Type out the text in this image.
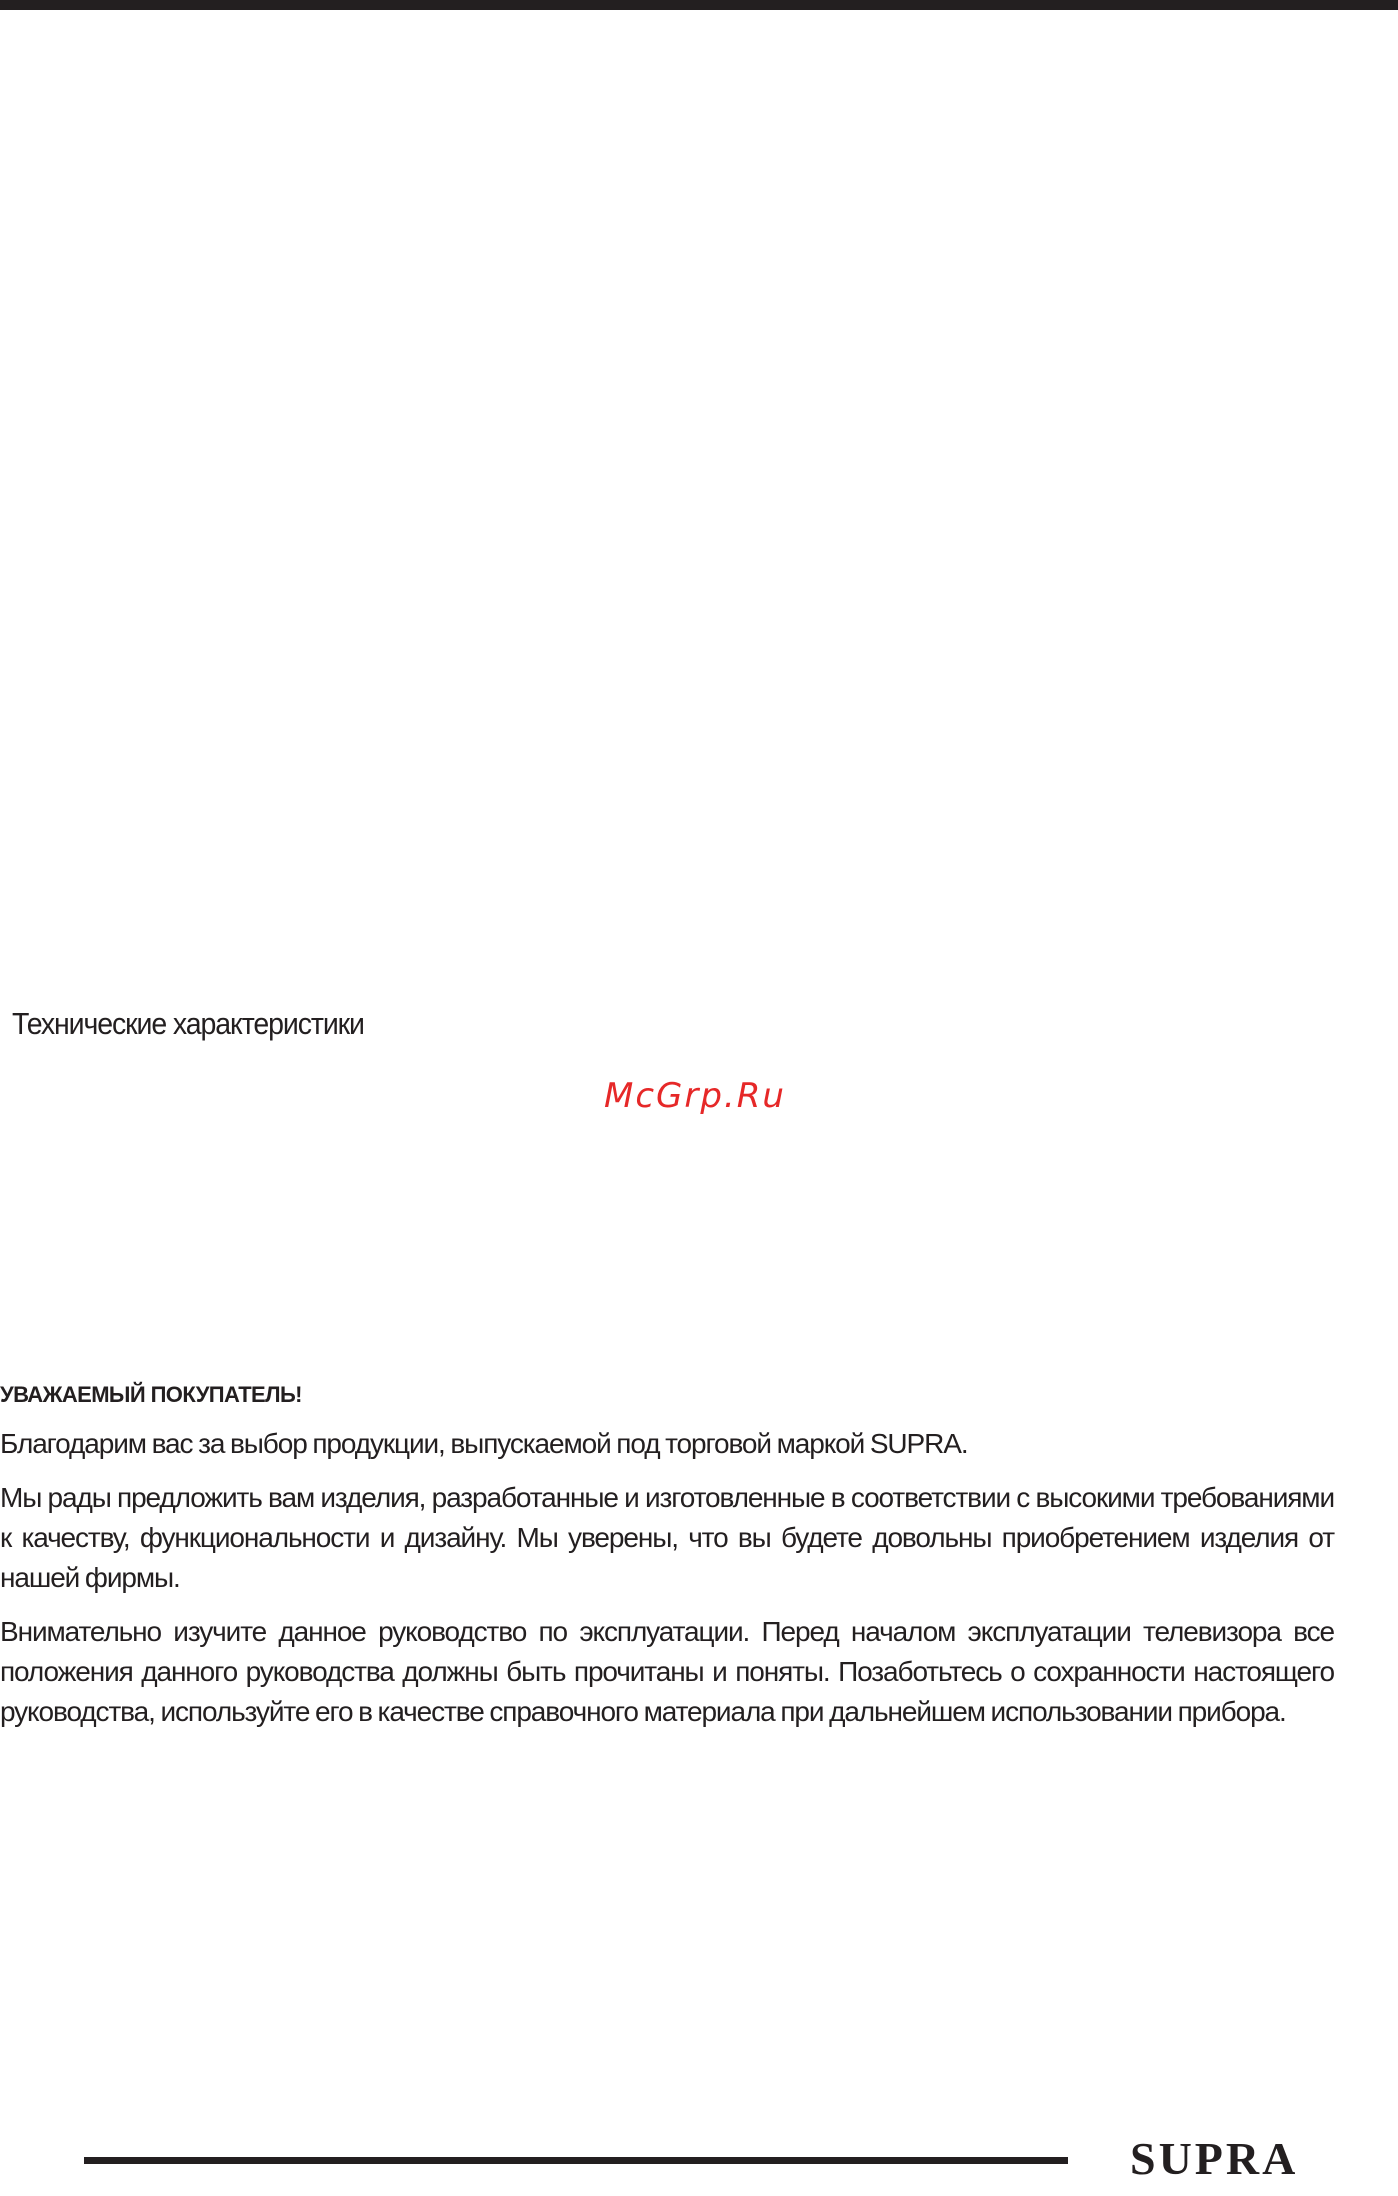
Технические характеристики
McGrp.Ru
УВАЖАЕМЫЙ ПОКУПАТЕЛЬ!

Благодарим вас за выбор продукции, выпускаемой под торговой маркой SUPRA.

Мы рады предложить вам изделия, разработанные и изготовленные в соответствии с высокими требованиями к качеству, функциональности и дизайну. Мы уверены, что вы будете довольны приобретением изделия от нашей фирмы.

Внимательно изучите данное руководство по эксплуатации. Перед началом эксплуатации телевизора все положения данного руководства должны быть прочитаны и поняты. Позаботьтесь о сохранности настоящего руководства, используйте его в качестве справочного материала при дальнейшем использовании прибора.

SUPRA
